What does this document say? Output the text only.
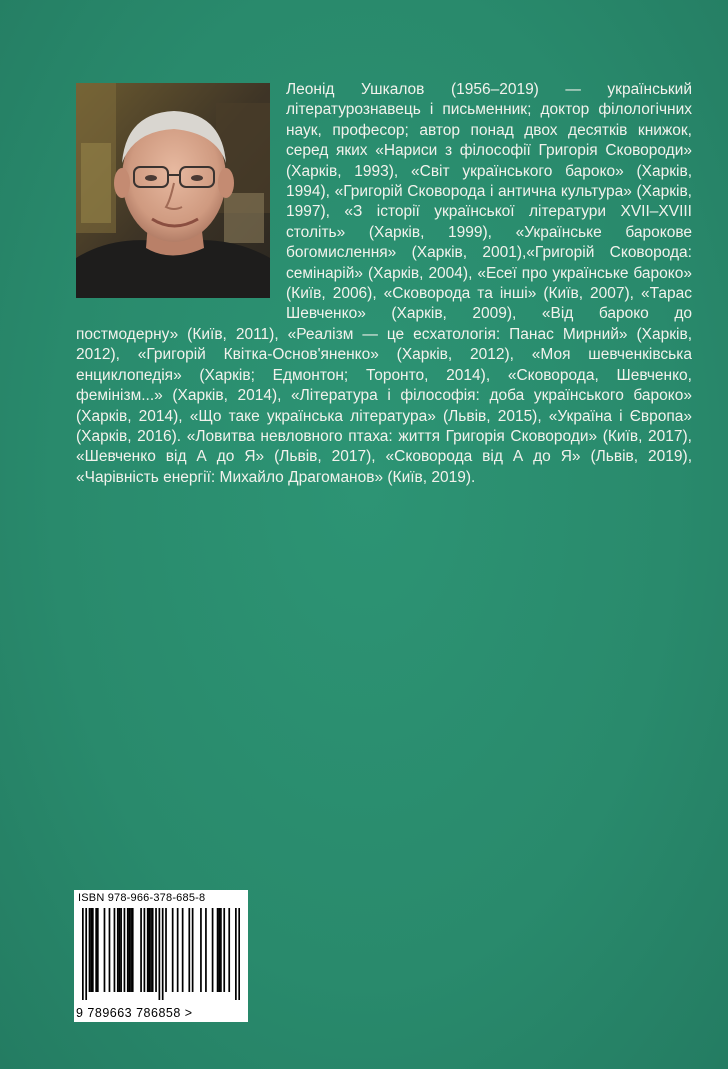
Леонід Ушкалов (1956–2019) — український літературознавець і письменник; доктор філологічних наук, професор; автор понад двох десятків книжок, серед яких «Нариси з філософії Григорія Сковороди» (Харків, 1993), «Світ українського бароко» (Харків, 1994), «Григорій Сковорода і антична культура» (Харків, 1997), «З історії української літератури XVII–XVIII століть» (Харків, 1999), «Українське барокове богомислення» (Харків, 2001),«Григорій Сковорода: семінарій» (Харків, 2004), «Есеї про українське бароко» (Київ, 2006), «Сковорода та інші» (Київ, 2007), «Тарас Шевченко» (Харків, 2009), «Від бароко до постмодерну» (Київ, 2011), «Реалізм — це есхатологія: Панас Мирний» (Харків, 2012), «Григорій Квітка-Основ'яненко» (Харків, 2012), «Моя шевченківська енциклопедія» (Харків; Едмонтон; Торонто, 2014), «Сковорода, Шевченко, фемінізм...» (Харків, 2014), «Література і філософія: доба українського бароко» (Харків, 2014), «Що таке українська література» (Львів, 2015), «Україна і Європа» (Харків, 2016). «Ловитва невловного птаха: життя Григорія Сковороди» (Київ, 2017), «Шевченко від А до Я» (Львів, 2017), «Сковорода від А до Я» (Львів, 2019), «Чарівність енергії: Михайло Драгоманов» (Київ, 2019).
ISBN 978-966-378-685-8
9 789663 786858 >
